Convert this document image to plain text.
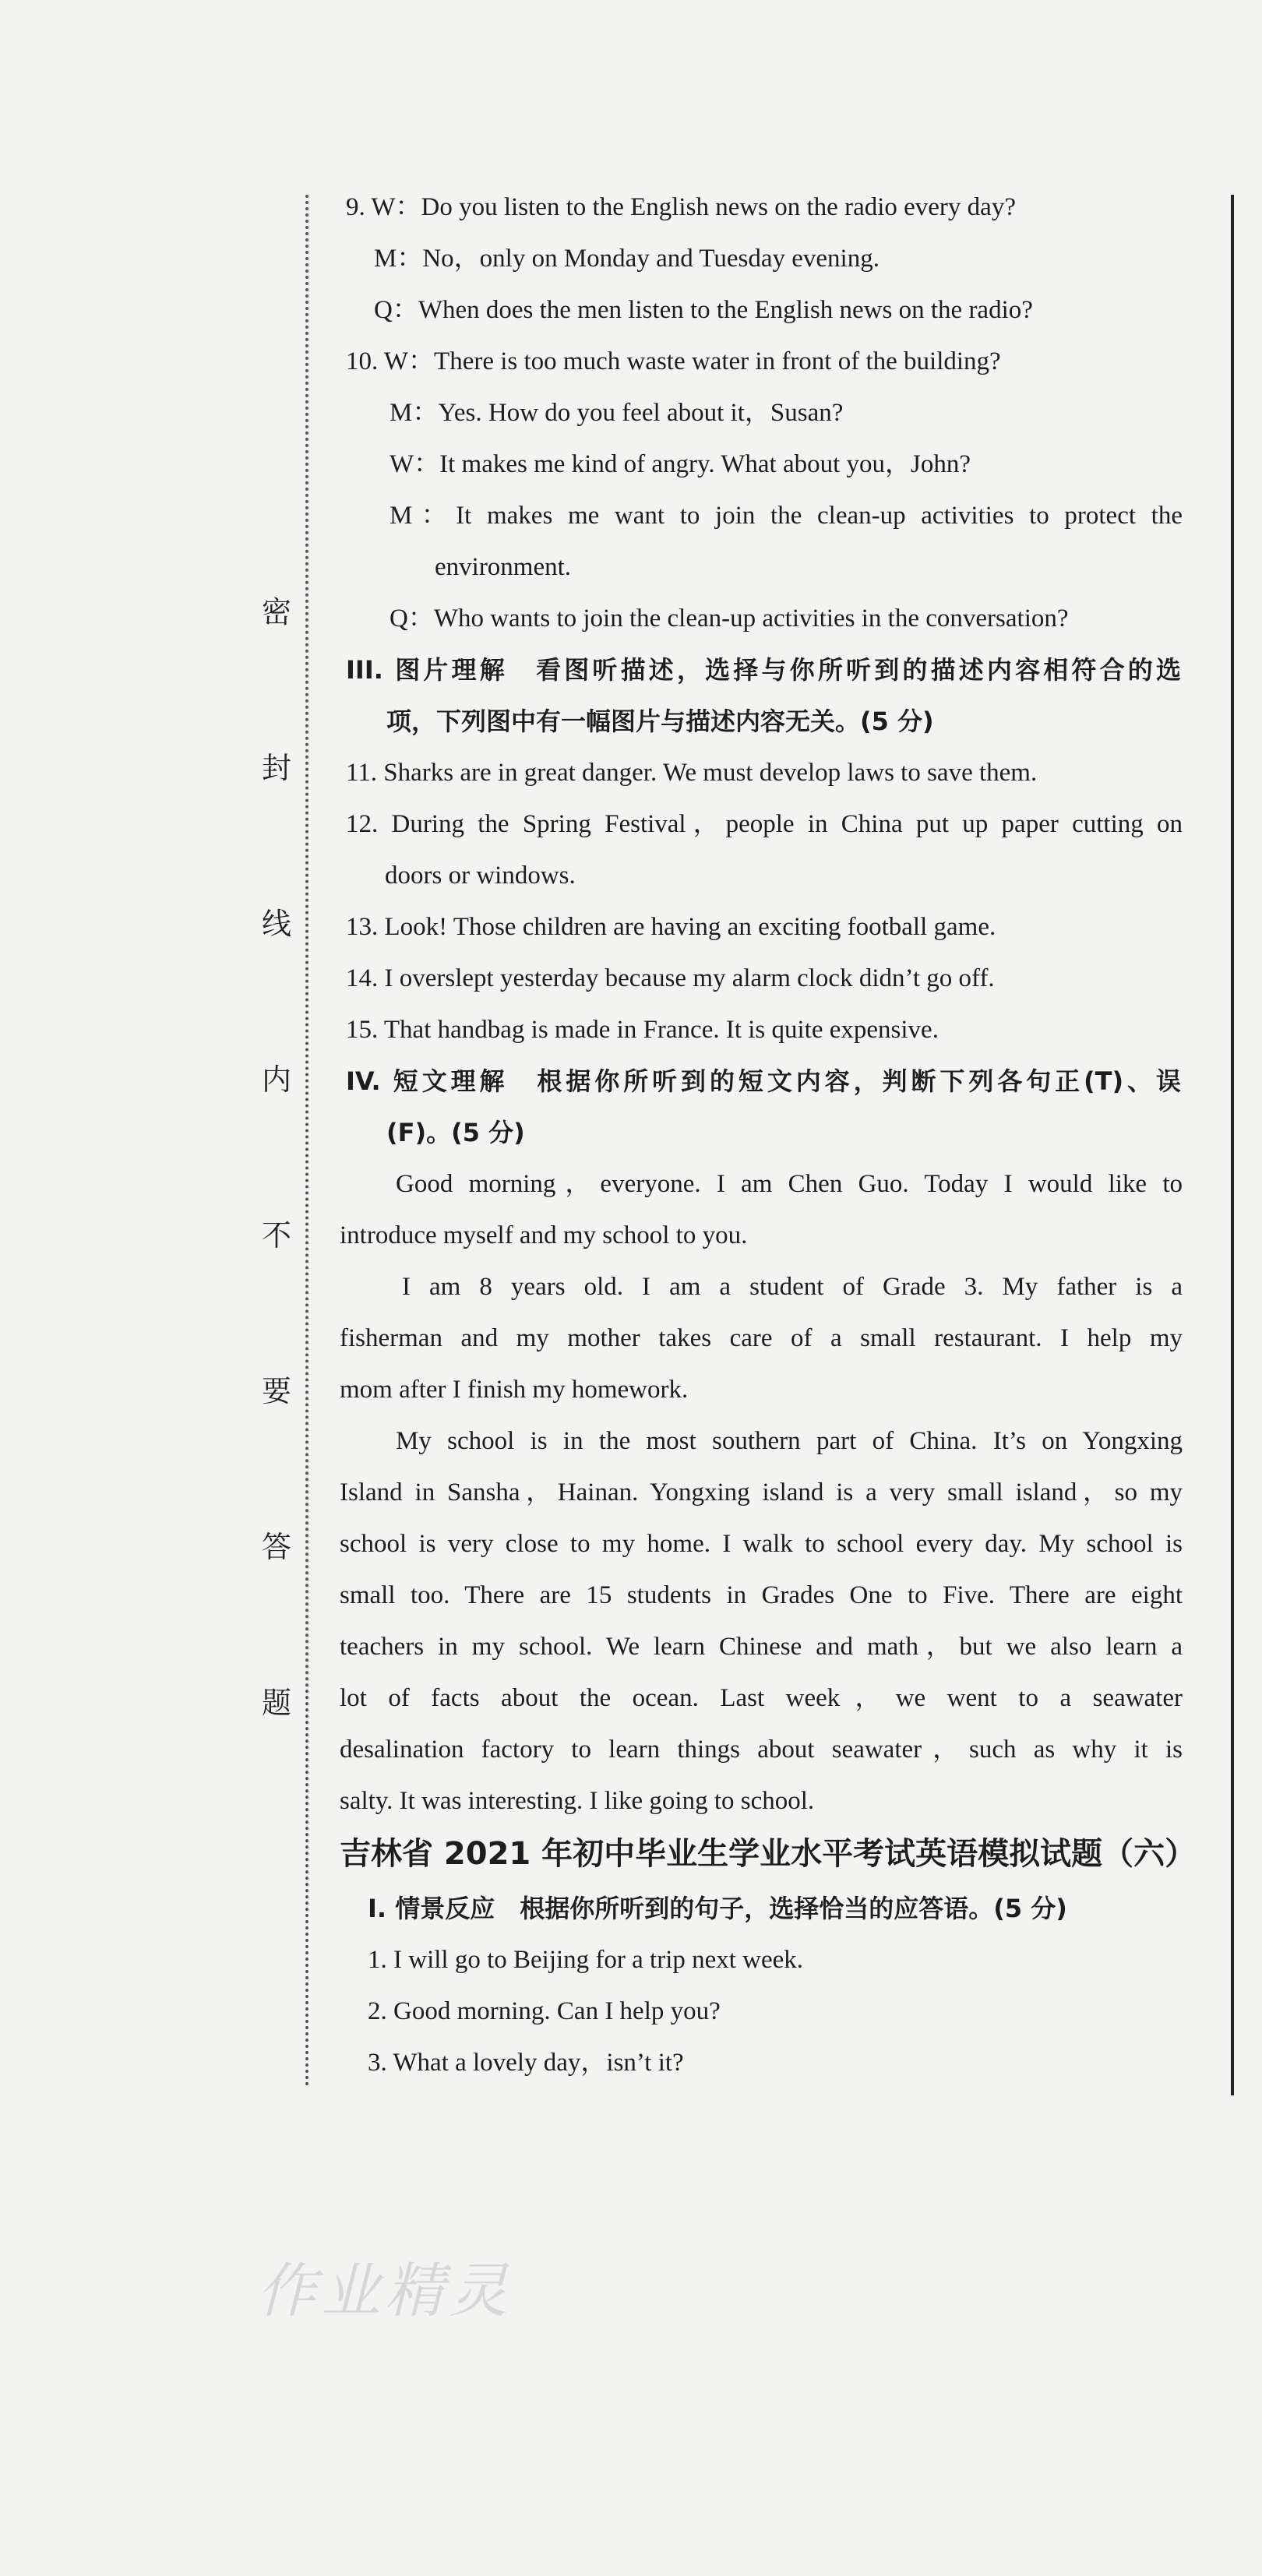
密
封
线
内
不
要
答
题
9. W：Do you listen to the English news on the radio every day?
M：No，only on Monday and Tuesday evening.
Q：When does the men listen to the English news on the radio?
10. W：There is too much waste water in front of the building?
M：Yes. How do you feel about it，Susan?
W：It makes me kind of angry. What about you，John?
M：It makes me want to join the clean-up activities to protect the
environment.
Q：Who wants to join the clean-up activities in the conversation?
III. 图片理解　看图听描述，选择与你所听到的描述内容相符合的选
项，下列图中有一幅图片与描述内容无关。(5 分)
11. Sharks are in great danger. We must develop laws to save them.
12. During the Spring Festival，people in China put up paper cutting on
doors or windows.
13. Look! Those children are having an exciting football game.
14. I overslept yesterday because my alarm clock didn’t go off.
15. That handbag is made in France. It is quite expensive.
IV. 短文理解　根据你所听到的短文内容，判断下列各句正(T)、误
(F)。(5 分)
Good morning，everyone. I am Chen Guo. Today I would like to
introduce myself and my school to you.
I am 8 years old. I am a student of Grade 3. My father is a
fisherman and my mother takes care of a small restaurant. I help my
mom after I finish my homework.
My school is in the most southern part of China. It’s on Yongxing
Island in Sansha，Hainan. Yongxing island is a very small island，so my
school is very close to my home. I walk to school every day. My school is
small too. There are 15 students in Grades One to Five. There are eight
teachers in my school. We learn Chinese and math，but we also learn a
lot of facts about the ocean. Last week，we went to a seawater
desalination factory to learn things about seawater，such as why it is
salty. It was interesting. I like going to school.
吉林省 2021 年初中毕业生学业水平考试英语模拟试题（六）
I. 情景反应　根据你所听到的句子，选择恰当的应答语。(5 分)
1. I will go to Beijing for a trip next week.
2. Good morning. Can I help you?
3. What a lovely day，isn’t it?
作业精灵
